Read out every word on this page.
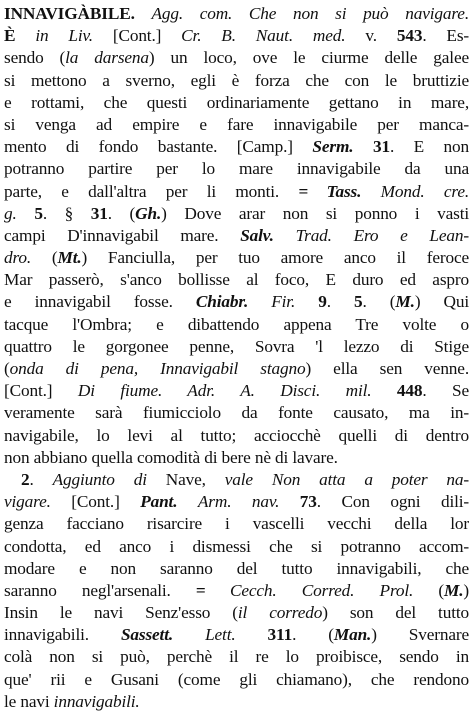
INNAVIGÀBILE. Agg. com. Che non si può navigare.
È in Liv. [Cont.] Cr. B. Naut. med. v. 543. Es-
sendo (la darsena) un loco, ove le ciurme delle galee
si mettono a sverno, egli è forza che con le bruttizie
e rottami, che questi ordinariamente gettano in mare,
si venga ad empire e fare innavigabile per manca-
mento di fondo bastante. [Camp.] Serm. 31. E non
potranno partire per lo mare innavigabile da una
parte, e dall'altra per li monti. = Tass. Mond. cre.
g. 5. § 31. (Gh.) Dove arar non si ponno i vasti
campi D'innavigabil mare. Salv. Trad. Ero e Lean-
dro. (Mt.) Fanciulla, per tuo amore anco il feroce
Mar passerò, s'anco bollisse al foco, E duro ed aspro
e innavigabil fosse. Chiabr. Fir. 9. 5. (M.) Qui
tacque l'Ombra; e dibattendo appena Tre volte o
quattro le gorgonee penne, Sovra 'l lezzo di Stige
(onda di pena, Innavigabil stagno) ella sen venne.
[Cont.] Di fiume. Adr. A. Disci. mil. 448. Se
veramente sarà fiumicciolo da fonte causato, ma in-
navigabile, lo levi al tutto; acciocchè quelli di dentro
non abbiano quella comodità di bere nè di lavare.
2. Aggiunto di Nave, vale Non atta a poter na-
vigare. [Cont.] Pant. Arm. nav. 73. Con ogni dili-
genza facciano risarcire i vascelli vecchi della lor
condotta, ed anco i dismessi che si potranno accom-
modare e non saranno del tutto innavigabili, che
saranno negl'arsenali. = Cecch. Corred. Prol. (M.)
Insin le navi Senz'esso (il corredo) son del tutto
innavigabili. Sassett. Lett. 311. (Man.) Svernare
colà non si può, perchè il re lo proibisce, sendo in
que' rii e Gusani (come gli chiamano), che rendono
le navi innavigabili.
